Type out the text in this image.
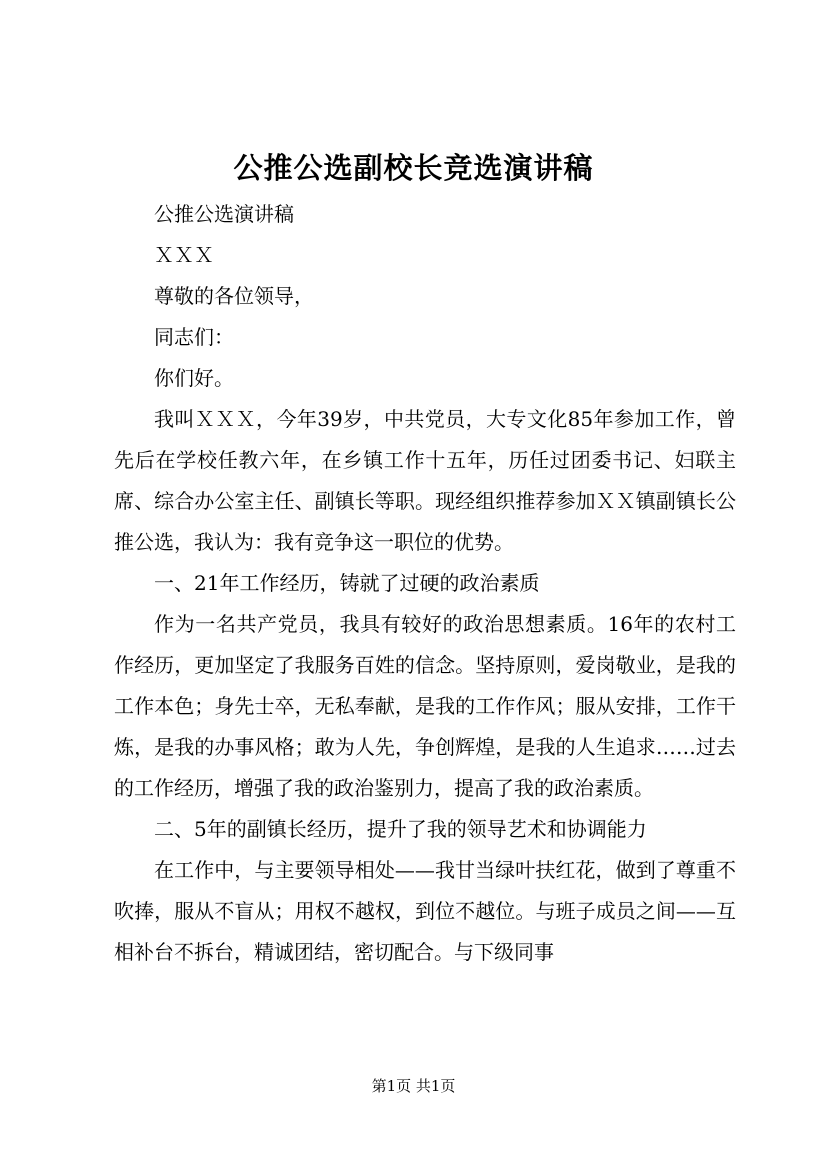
公推公选副校长竞选演讲稿

公推公选演讲稿

ＸＸＸ

尊敬的各位领导，

同志们：

你们好。

我叫ＸＸＸ，今年39岁，中共党员，大专文化85年参加工作，曾先后在学校任教六年，在乡镇工作十五年，历任过团委书记、妇联主席、综合办公室主任、副镇长等职。现经组织推荐参加ＸＸ镇副镇长公推公选，我认为：我有竞争这一职位的优势。

一、21年工作经历，铸就了过硬的政治素质

作为一名共产党员，我具有较好的政治思想素质。16年的农村工作经历，更加坚定了我服务百姓的信念。坚持原则，爱岗敬业，是我的工作本色；身先士卒，无私奉献，是我的工作作风；服从安排，工作干炼，是我的办事风格；敢为人先，争创辉煌，是我的人生追求……过去的工作经历，增强了我的政治鉴别力，提高了我的政治素质。

二、5年的副镇长经历，提升了我的领导艺术和协调能力

在工作中，与主要领导相处——我甘当绿叶扶红花，做到了尊重不吹捧，服从不盲从；用权不越权，到位不越位。与班子成员之间——互相补台不拆台，精诚团结，密切配合。与下级同事

第1页 共1页
